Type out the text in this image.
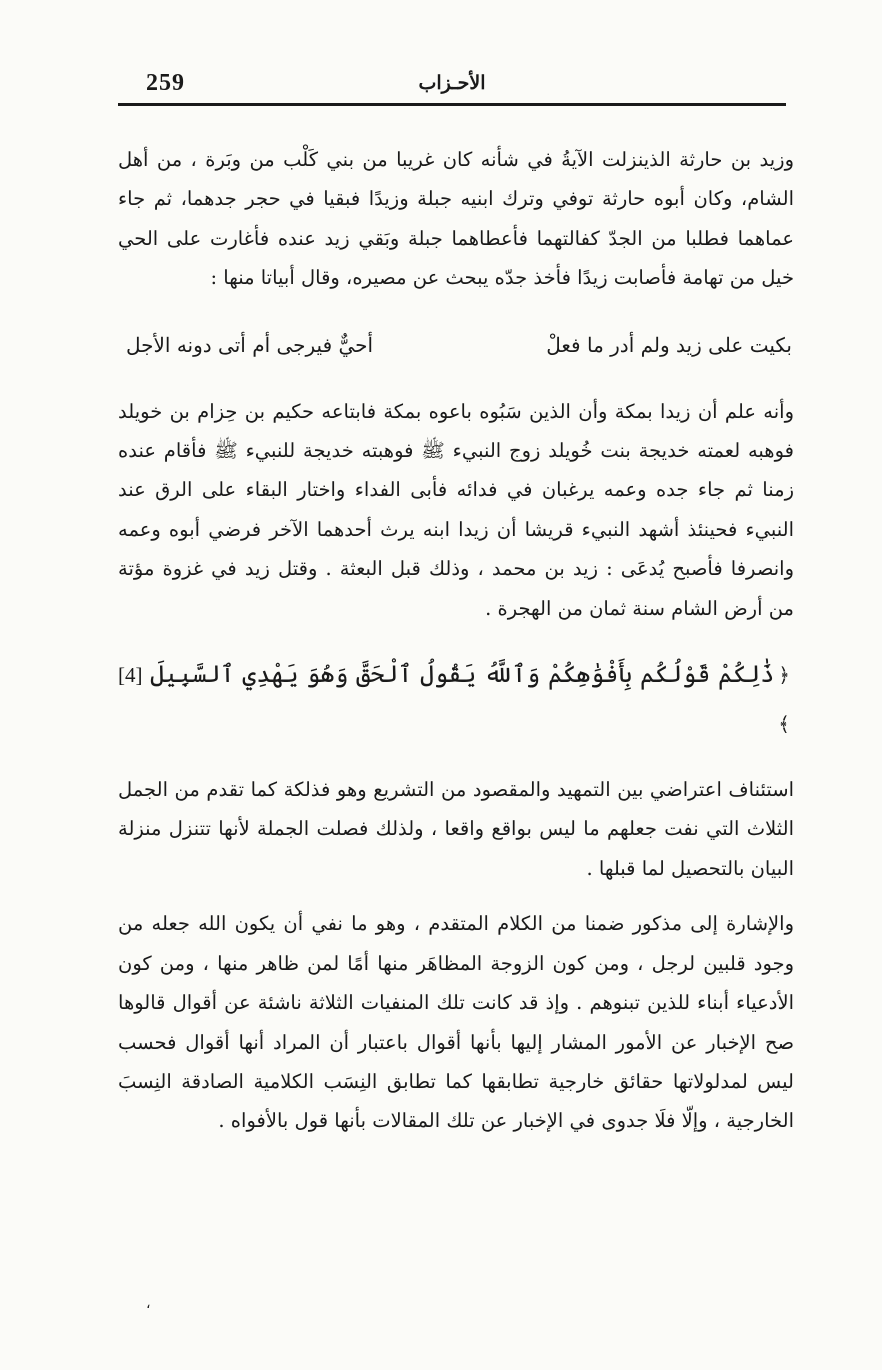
259	الأحـزاب

وزيد بن حارثة الذينزلت الآيةُ في شأنه كان غريبا من بني كَلْب من وبَرة ، من أهل الشام، وكان أبوه حارثة توفي وترك ابنيه جبلة وزيدًا فبقيا في حجر جدهما، ثم جاء عماهما فطلبا من الجدّ كفالتهما فأعطاهما جبلة وبَقي زيد عنده فأغارت على الحي خيل من تهامة فأصابت زيدًا فأخذ جدّه يبحث عن مصيره، وقال أبياتا منها :

بكيت على زيد ولم أدر ما فعلْ
أحيٌّ فيرجى أم أتى دونه الأجل

وأنه علم أن زيدا بمكة وأن الذين سَبُوه باعوه بمكة فابتاعه حكيم بن حِزام بن خويلد فوهبه لعمته خديجة بنت خُويلد زوج النبيء ﷺ فوهبته خديجة للنبيء ﷺ فأقام عنده زمنا ثم جاء جده وعمه يرغبان في فدائه فأبى الفداء واختار البقاء على الرق عند النبيء فحينئذ أشهد النبيء قريشا أن زيدا ابنه يرث أحدهما الآخر فرضي أبوه وعمه وانصرفا فأصبح يُدعَى : زيد بن محمد ، وذلك قبل البعثة . وقتل زيد في غزوة مؤتة من أرض الشام سنة ثمان من الهجرة .

﴿ذَٰلِكُمْ قَوْلُكُم بِأَفْوَٰهِكُمْ وَٱللَّهُ يَقُولُ ٱلْحَقَّ وَهُوَ يَهْدِي ٱلسَّبِيلَ [4] ﴾

استئناف اعتراضي بين التمهيد والمقصود من التشريع وهو فذلكة كما تقدم من الجمل الثلاث التي نفت جعلهم ما ليس بواقع واقعا ، ولذلك فصلت الجملة لأنها تتنزل منزلة البيان بالتحصيل لما قبلها .

والإشارة إلى مذكور ضمنا من الكلام المتقدم ، وهو ما نفي أن يكون الله جعله من وجود قلبين لرجل ، ومن كون الزوجة المظاهَر منها أمًا لمن ظاهر منها ، ومن كون الأدعياء أبناء للذين تبنوهم . وإذ قد كانت تلك المنفيات الثلاثة ناشئة عن أقوال قالوها صح الإخبار عن الأمور المشار إليها بأنها أقوال باعتبار أن المراد أنها أقوال فحسب ليس لمدلولاتها حقائق خارجية تطابقها كما تطابق النِسَب الكلامية الصادقة النِسبَ الخارجية ، وإلّا فلَا جدوى في الإخبار عن تلك المقالات بأنها قول بالأفواه .

،
